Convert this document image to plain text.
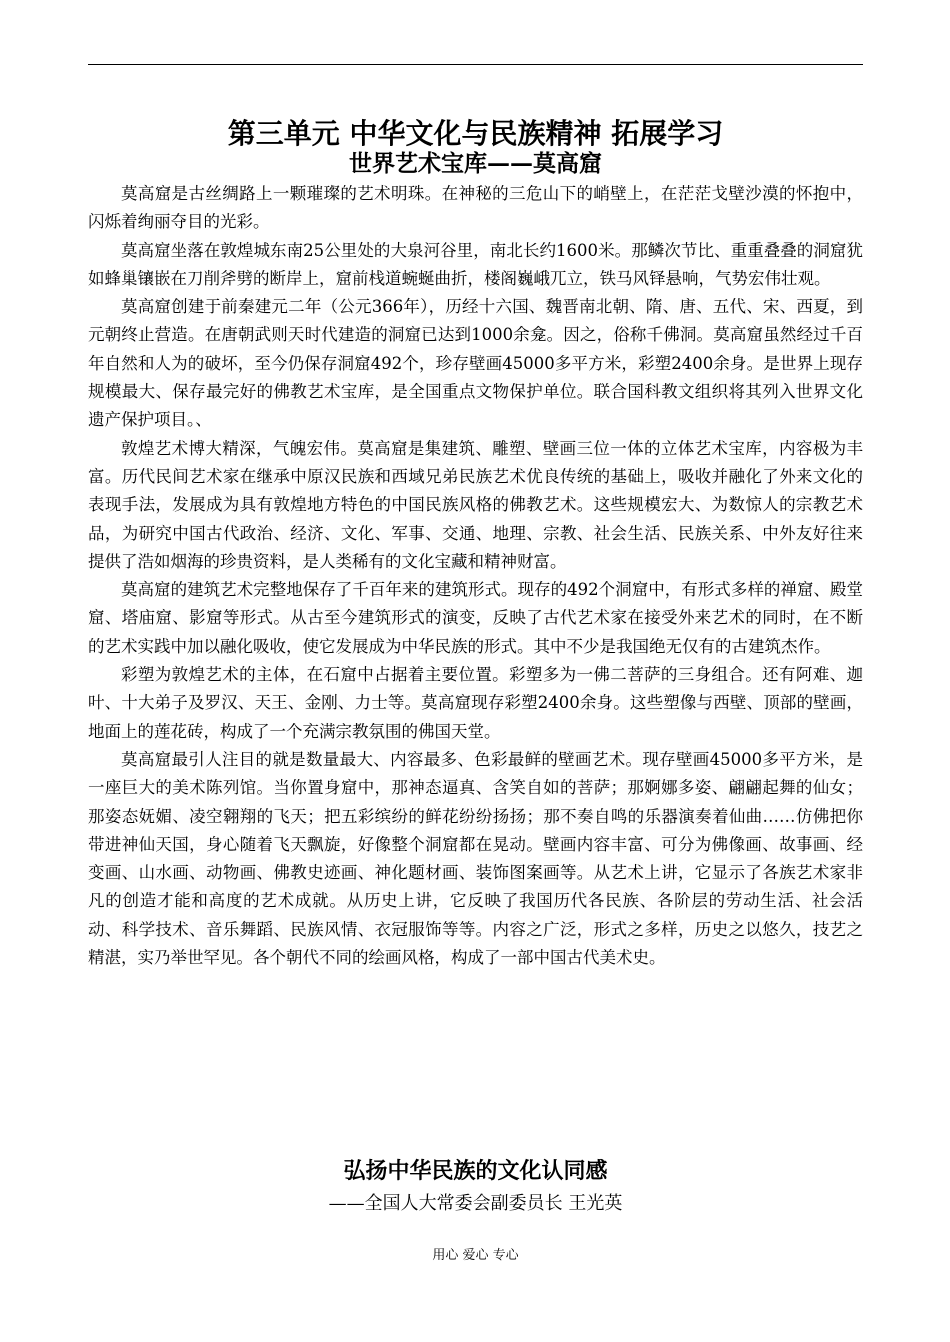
第三单元 中华文化与民族精神 拓展学习
世界艺术宝库——莫高窟

莫高窟是古丝绸路上一颗璀璨的艺术明珠。在神秘的三危山下的峭壁上，在茫茫戈壁沙漠的怀抱中，闪烁着绚丽夺目的光彩。

莫高窟坐落在敦煌城东南25公里处的大泉河谷里，南北长约1600米。那鳞次节比、重重叠叠的洞窟犹如蜂巢镶嵌在刀削斧劈的断岸上，窟前栈道蜿蜒曲折，楼阁巍峨兀立，铁马风铎悬响，气势宏伟壮观。

莫高窟创建于前秦建元二年（公元366年），历经十六国、魏晋南北朝、隋、唐、五代、宋、西夏，到元朝终止营造。在唐朝武则天时代建造的洞窟已达到1000余龛。因之，俗称千佛洞。莫高窟虽然经过千百年自然和人为的破坏，至今仍保存洞窟492个，珍存壁画45000多平方米，彩塑2400余身。是世界上现存规模最大、保存最完好的佛教艺术宝库，是全国重点文物保护单位。联合国科教文组织将其列入世界文化遗产保护项目。、

敦煌艺术博大精深，气魄宏伟。莫高窟是集建筑、雕塑、壁画三位一体的立体艺术宝库，内容极为丰富。历代民间艺术家在继承中原汉民族和西域兄弟民族艺术优良传统的基础上，吸收并融化了外来文化的表现手法，发展成为具有敦煌地方特色的中国民族风格的佛教艺术。这些规模宏大、为数惊人的宗教艺术品，为研究中国古代政治、经济、文化、军事、交通、地理、宗教、社会生活、民族关系、中外友好往来提供了浩如烟海的珍贵资料，是人类稀有的文化宝藏和精神财富。

莫高窟的建筑艺术完整地保存了千百年来的建筑形式。现存的492个洞窟中，有形式多样的禅窟、殿堂窟、塔庙窟、影窟等形式。从古至今建筑形式的演变，反映了古代艺术家在接受外来艺术的同时，在不断的艺术实践中加以融化吸收，使它发展成为中华民族的形式。其中不少是我国绝无仅有的古建筑杰作。

彩塑为敦煌艺术的主体，在石窟中占据着主要位置。彩塑多为一佛二菩萨的三身组合。还有阿难、迦叶、十大弟子及罗汉、天王、金刚、力士等。莫高窟现存彩塑2400余身。这些塑像与西壁、顶部的壁画，地面上的莲花砖，构成了一个充满宗教氛围的佛国天堂。

莫高窟最引人注目的就是数量最大、内容最多、色彩最鲜的壁画艺术。现存壁画45000多平方米，是一座巨大的美术陈列馆。当你置身窟中，那神态逼真、含笑自如的菩萨；那婀娜多姿、翩翩起舞的仙女；那姿态妩媚、凌空翱翔的飞天；把五彩缤纷的鲜花纷纷扬扬；那不奏自鸣的乐器演奏着仙曲……仿佛把你带进神仙天国，身心随着飞天飘旋，好像整个洞窟都在晃动。壁画内容丰富、可分为佛像画、故事画、经变画、山水画、动物画、佛教史迹画、神化题材画、装饰图案画等。从艺术上讲，它显示了各族艺术家非凡的创造才能和高度的艺术成就。从历史上讲，它反映了我国历代各民族、各阶层的劳动生活、社会活动、科学技术、音乐舞蹈、民族风情、衣冠服饰等等。内容之广泛，形式之多样，历史之以悠久，技艺之精湛，实乃举世罕见。各个朝代不同的绘画风格，构成了一部中国古代美术史。

弘扬中华民族的文化认同感
——全国人大常委会副委员长 王光英
用心 爱心 专心
